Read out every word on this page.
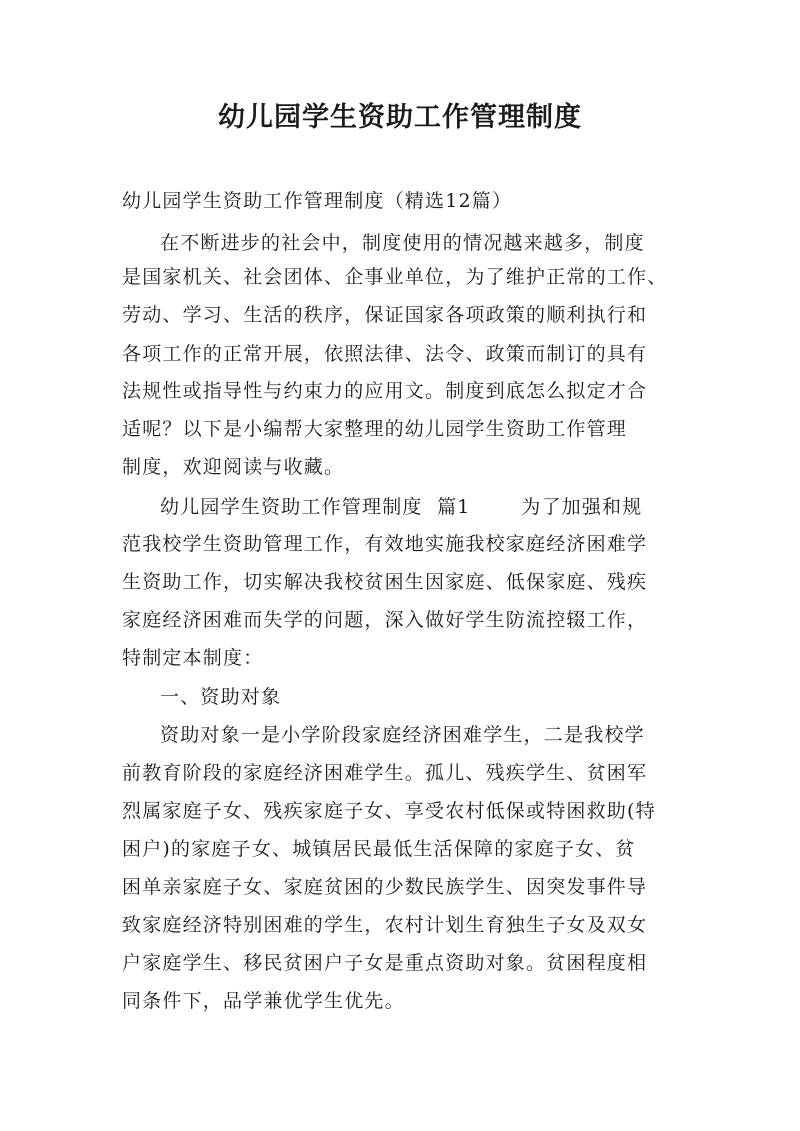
幼儿园学生资助工作管理制度
幼儿园学生资助工作管理制度（精选12篇）
在不断进步的社会中，制度使用的情况越来越多，制度
是国家机关、社会团体、企事业单位，为了维护正常的工作、
劳动、学习、生活的秩序，保证国家各项政策的顺利执行和
各项工作的正常开展，依照法律、法令、政策而制订的具有
法规性或指导性与约束力的应用文。制度到底怎么拟定才合
适呢？以下是小编帮大家整理的幼儿园学生资助工作管理
制度，欢迎阅读与收藏。
幼儿园学生资助工作管理制度  篇1       为了加强和规
范我校学生资助管理工作，有效地实施我校家庭经济困难学
生资助工作，切实解决我校贫困生因家庭、低保家庭、残疾
家庭经济困难而失学的问题，深入做好学生防流控辍工作，
特制定本制度：
一、资助对象
资助对象一是小学阶段家庭经济困难学生，二是我校学
前教育阶段的家庭经济困难学生。孤儿、残疾学生、贫困军
烈属家庭子女、残疾家庭子女、享受农村低保或特困救助(特
困户)的家庭子女、城镇居民最低生活保障的家庭子女、贫
困单亲家庭子女、家庭贫困的少数民族学生、因突发事件导
致家庭经济特别困难的学生，农村计划生育独生子女及双女
户家庭学生、移民贫困户子女是重点资助对象。贫困程度相
同条件下，品学兼优学生优先。
